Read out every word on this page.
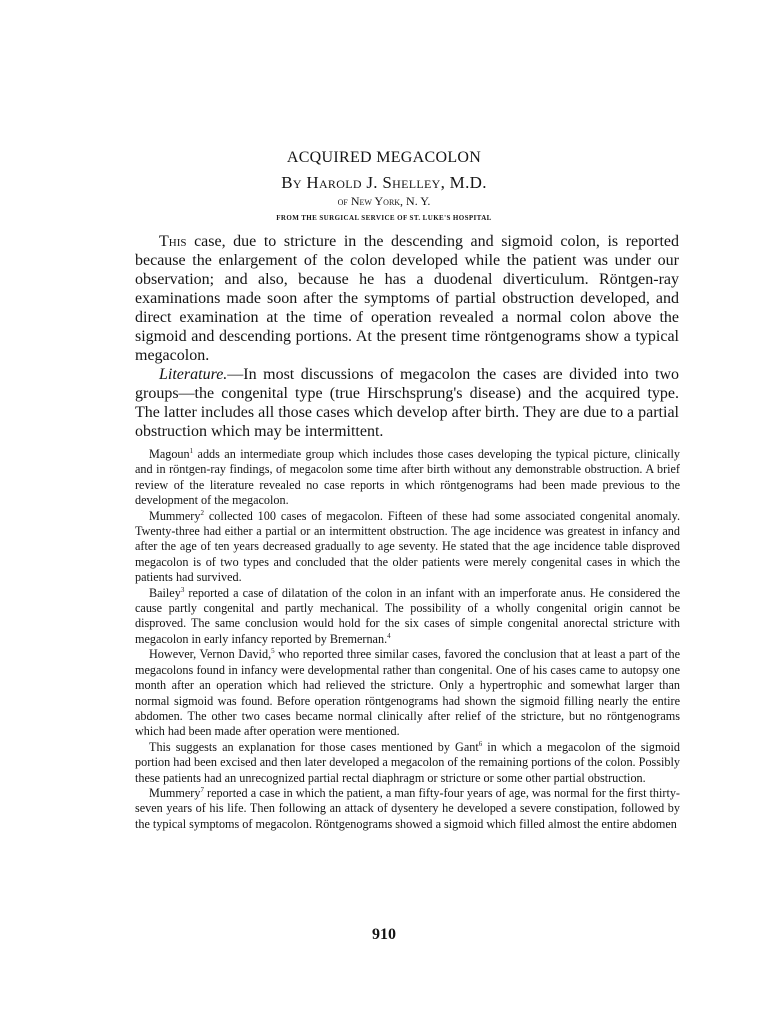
ACQUIRED MEGACOLON
By Harold J. Shelley, M.D.
of New York, N. Y.
FROM THE SURGICAL SERVICE OF ST. LUKE'S HOSPITAL

This case, due to stricture in the descending and sigmoid colon, is reported because the enlargement of the colon developed while the patient was under our observation; and also, because he has a duodenal diverticulum. Röntgen-ray examinations made soon after the symptoms of partial obstruction developed, and direct examination at the time of operation revealed a normal colon above the sigmoid and descending portions. At the present time röntgenograms show a typical megacolon.

Literature.—In most discussions of megacolon the cases are divided into two groups—the congenital type (true Hirschsprung's disease) and the acquired type. The latter includes all those cases which develop after birth. They are due to a partial obstruction which may be intermittent.

Magoun$^1$ adds an intermediate group which includes those cases developing the typical picture, clinically and in röntgen-ray findings, of megacolon some time after birth without any demonstrable obstruction. A brief review of the literature revealed no case reports in which röntgenograms had been made previous to the development of the megacolon.

Mummery$^2$ collected 100 cases of megacolon. Fifteen of these had some associated congenital anomaly. Twenty-three had either a partial or an intermittent obstruction. The age incidence was greatest in infancy and after the age of ten years decreased gradually to age seventy. He stated that the age incidence table disproved megacolon is of two types and concluded that the older patients were merely congenital cases in which the patients had survived.

Bailey$^3$ reported a case of dilatation of the colon in an infant with an imperforate anus. He considered the cause partly congenital and partly mechanical. The possibility of a wholly congenital origin cannot be disproved. The same conclusion would hold for the six cases of simple congenital anorectal stricture with megacolon in early infancy reported by Bremernan.$^4$

However, Vernon David,$^5$ who reported three similar cases, favored the conclusion that at least a part of the megacolons found in infancy were developmental rather than congenital. One of his cases came to autopsy one month after an operation which had relieved the stricture. Only a hypertrophic and somewhat larger than normal sigmoid was found. Before operation röntgenograms had shown the sigmoid filling nearly the entire abdomen. The other two cases became normal clinically after relief of the stricture, but no röntgenograms which had been made after operation were mentioned.

This suggests an explanation for those cases mentioned by Gant$^6$ in which a megacolon of the sigmoid portion had been excised and then later developed a megacolon of the remaining portions of the colon. Possibly these patients had an unrecognized partial rectal diaphragm or stricture or some other partial obstruction.

Mummery$^7$ reported a case in which the patient, a man fifty-four years of age, was normal for the first thirty-seven years of his life. Then following an attack of dysentery he developed a severe constipation, followed by the typical symptoms of megacolon. Röntgenograms showed a sigmoid which filled almost the entire abdomen

910
